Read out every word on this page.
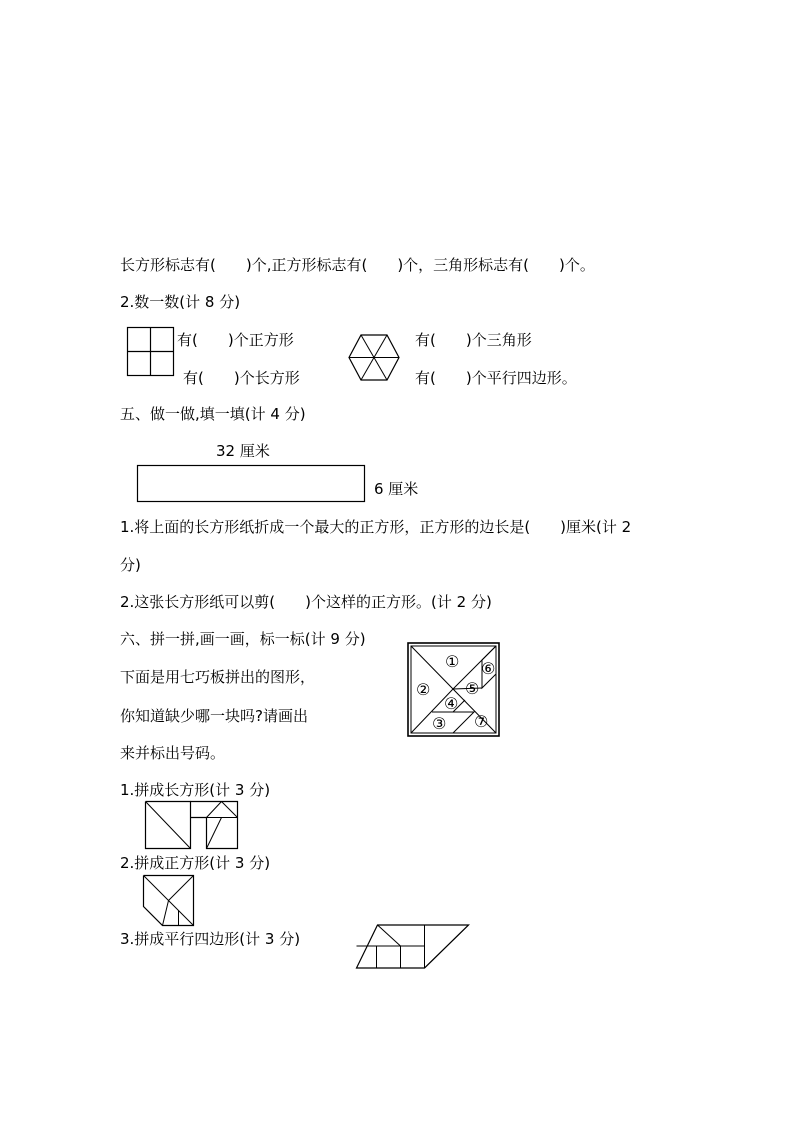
长方形标志有(　　)个,正方形标志有(　　)个，三角形标志有(　　)个。
2.数一数(计 8 分)
有(　　)个正方形
有(　　)个长方形
有(　　)个三角形
有(　　)个平行四边形。
五、做一做,填一填(计 4 分)
32 厘米
6 厘米
1.将上面的长方形纸折成一个最大的正方形，正方形的边长是(　　)厘米(计 2
分)
2.这张长方形纸可以剪(　　)个这样的正方形。(计 2 分)
六、拼一拼,画一画，标一标(计 9 分)
下面是用七巧板拼出的图形，
你知道缺少哪一块吗?请画出
来并标出号码。
①
②
③
④
⑤
⑥
⑦
1.拼成长方形(计 3 分)
2.拼成正方形(计 3 分)
3.拼成平行四边形(计 3 分)
